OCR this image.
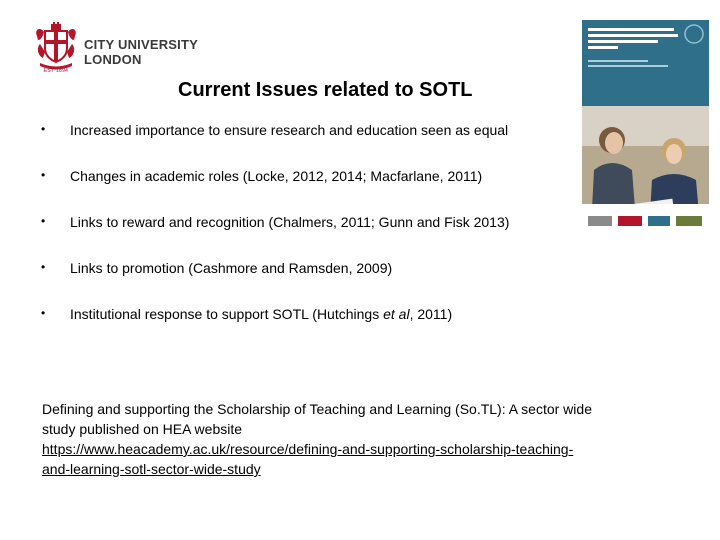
EST 1894
CITY UNIVERSITY
LONDON
Current Issues related to SOTL
• Increased importance to ensure research and education seen as equal
• Changes in academic roles (Locke, 2012, 2014; Macfarlane, 2011)
• Links to reward and recognition (Chalmers, 2011; Gunn and Fisk 2013)
• Links to promotion (Cashmore and Ramsden, 2009)
• Institutional response to support SOTL (Hutchings et al, 2011)
Defining and supporting the Scholarship of Teaching and Learning (So.TL): A sector wide
study published on HEA website
https://www.heacademy.ac.uk/resource/defining-and-supporting-scholarship-teaching-
and-learning-sotl-sector-wide-study
